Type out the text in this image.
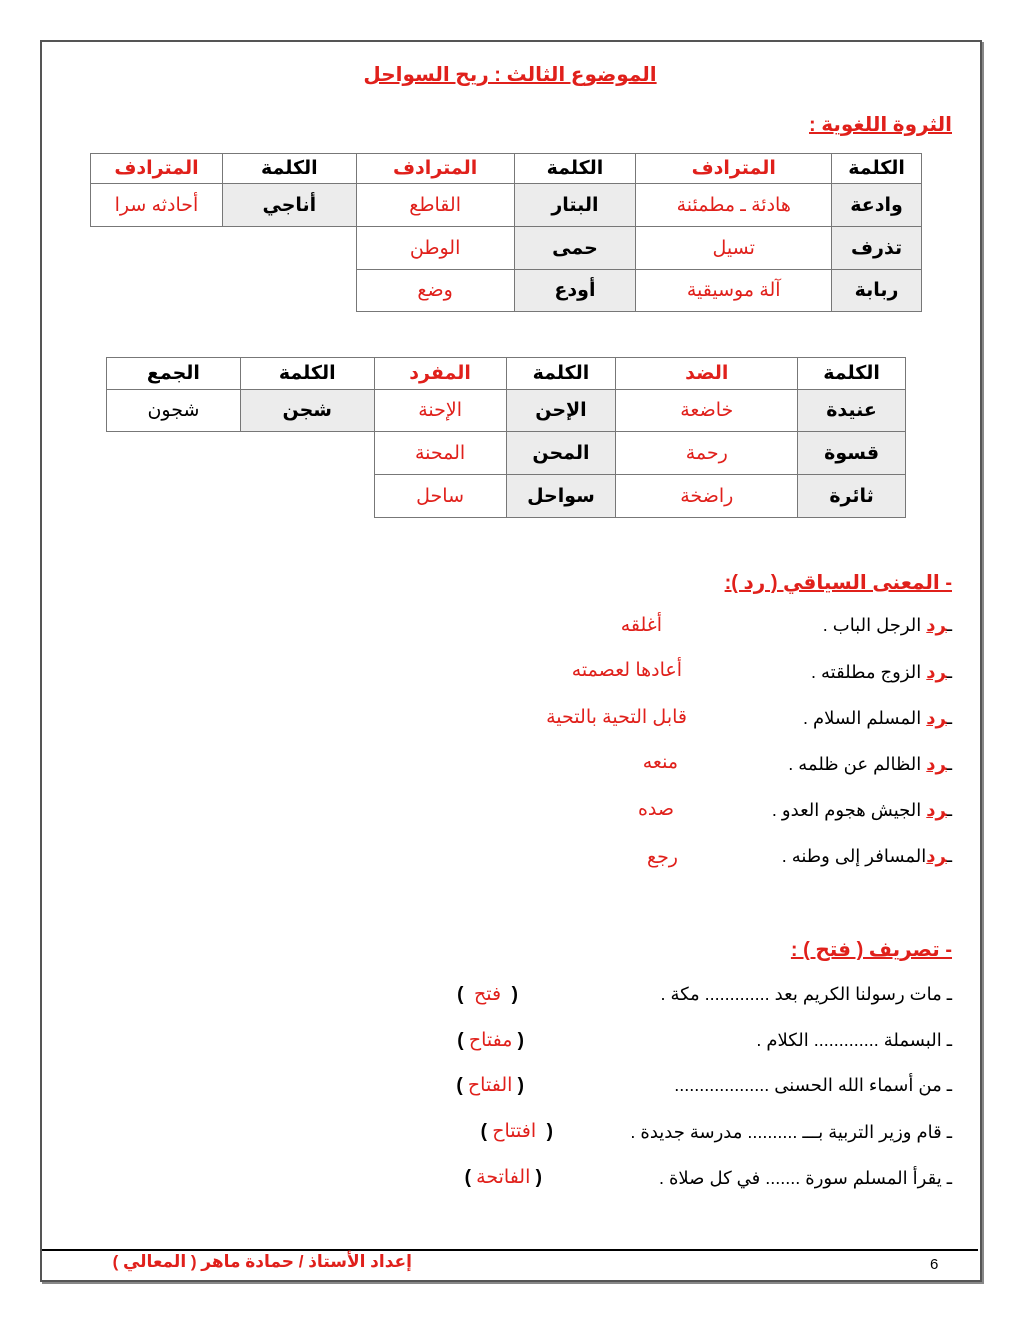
الموضوع الثالث : ريح السواحل
الثروة اللغوية :
الكلمة	المترادف	الكلمة	المترادف	الكلمة	المترادف
وادعة	هادئة ـ مطمئنة	البتار	القاطع	أناجي	أحادثه سرا
تذرف	تسيل	حمى	الوطن		
ربابة	آلة موسيقية	أودع	وضع		
الكلمة	الضد	الكلمة	المفرد	الكلمة	الجمع
عنيدة	خاضعة	الإحن	الإحنة	شجن	شجون
قسوة	رحمة	المحن	المحنة		
ثائرة	راضخة	سواحل	ساحل		
- المعنى السياقي ( رد ):
ـرد الرجل الباب .
أغلقه
ـرد الزوج مطلقته .
أعادها لعصمته
ـرد المسلم السلام .
قابل التحية بالتحية
ـرد الظالم عن ظلمه .
منعه
ـرد الجيش هجوم العدو .
صده
ـردالمسافر إلى وطنه .
رجع
- تصريف ( فتح ) :
ـ مات رسولنا الكريم بعد ............. مكة .
(  فتح  )
ـ البسملة ............. الكلام .
( مفتاح )
ـ من أسماء الله الحسنى ...................
( الفتاح )
ـ قام وزير التربية بـــ .......... مدرسة جديدة .
(  افتتاح )
ـ يقرأ المسلم سورة ....... في كل صلاة .
( الفاتحة )
إعداد الأستاذ / حمادة ماهر ( المعالي )	6
